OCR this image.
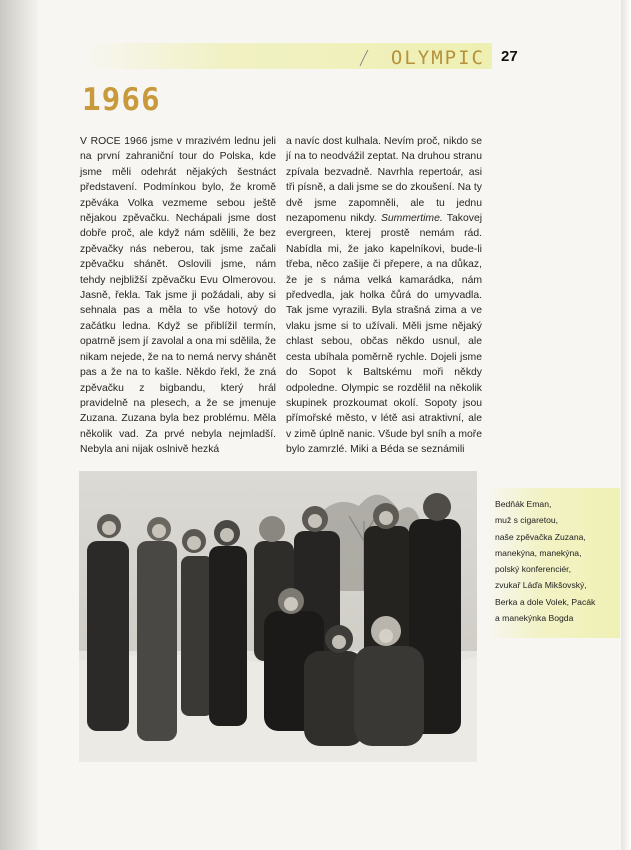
OLYMPIC 27
1966

V ROCE 1966 jsme v mrazivém lednu jeli na první zahraniční tour do Polska, kde jsme měli odehrát nějakých šestnáct představení. Podmínkou bylo, že kromě zpěváka Volka vezmeme sebou ještě nějakou zpěvačku. Nechápali jsme dost dobře proč, ale když nám sdělili, že bez zpěvačky nás neberou, tak jsme začali zpěvačku shánět. Oslovili jsme, nám tehdy nejbližší zpěvačku Evu Olmerovou. Jasně, řekla. Tak jsme ji požádali, aby si sehnala pas a měla to vše hotový do začátku ledna. Když se přiblížil termín, opatrně jsem jí zavolal a ona mi sdělila, že nikam nejede, že na to nemá nervy shánět pas a že na to kašle. Někdo řekl, že zná zpěvačku z bigbandu, který hrál pravidelně na plesech, a že se jmenuje Zuzana. Zuzana byla bez problému. Měla několik vad. Za prvé nebyla nejmladší. Nebyla ani nijak oslnivě hezká

a navíc dost kulhala. Nevím proč, nikdo se jí na to neodvážil zeptat. Na druhou stranu zpívala bezvadně. Navrhla repertoár, asi tři písně, a dali jsme se do zkoušení. Na ty dvě jsme zapomněli, ale tu jednu nezapomenu nikdy. Summertime. Takovej evergreen, kterej prostě nemám rád. Nabídla mi, že jako kapelníkovi, bude-li třeba, něco zašije či přepere, a na důkaz, že je s náma velká kamarádka, nám předvedla, jak holka čůrá do umyvadla. Tak jsme vyrazili. Byla strašná zima a ve vlaku jsme si to užívali. Měli jsme nějaký chlast sebou, občas někdo usnul, ale cesta ubíhala poměrně rychle. Dojeli jsme do Sopot k Baltskému moři někdy odpoledne. Olympic se rozdělil na několik skupinek prozkoumat okolí. Sopoty jsou přímořské město, v létě asi atraktivní, ale v zimě úplně nanic. Všude byl sníh a moře bylo zamrzlé. Miki a Béda se seznámili

Bedňák Eman,
muž s cigaretou,
naše zpěvačka Zuzana,
manekýna, manekýna,
polský konferenciér,
zvukař Láďa Mikšovský,
Berka a dole Volek, Pacák
a manekýnka Bogda
